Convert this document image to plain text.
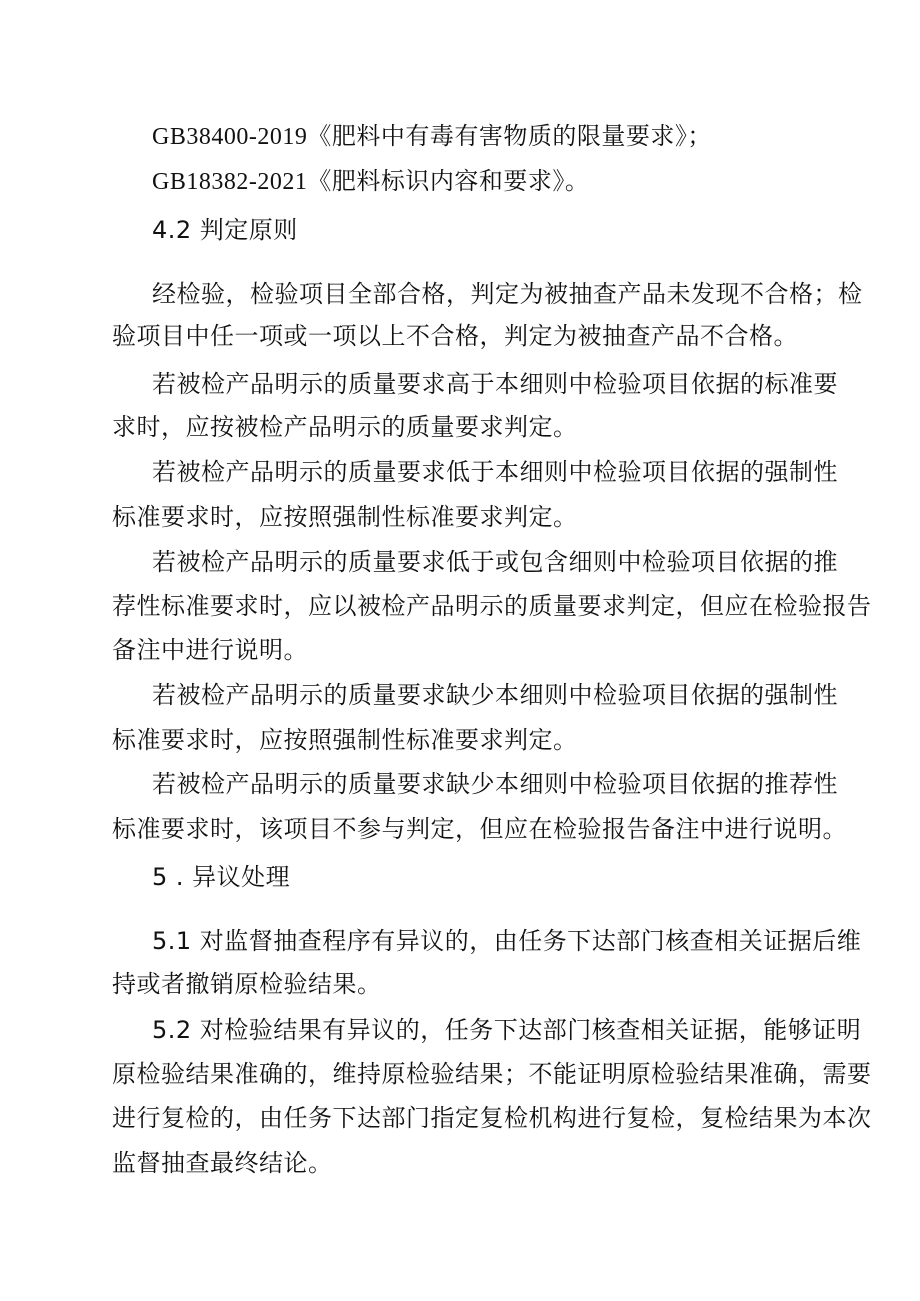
GB38400-2019《肥料中有毒有害物质的限量要求》；
GB18382-2021《肥料标识内容和要求》。
4.2 判定原则
经检验，检验项目全部合格，判定为被抽查产品未发现不合格；检
验项目中任一项或一项以上不合格，判定为被抽查产品不合格。
若被检产品明示的质量要求高于本细则中检验项目依据的标准要
求时，应按被检产品明示的质量要求判定。
若被检产品明示的质量要求低于本细则中检验项目依据的强制性
标准要求时，应按照强制性标准要求判定。
若被检产品明示的质量要求低于或包含细则中检验项目依据的推
荐性标准要求时，应以被检产品明示的质量要求判定，但应在检验报告
备注中进行说明。
若被检产品明示的质量要求缺少本细则中检验项目依据的强制性
标准要求时，应按照强制性标准要求判定。
若被检产品明示的质量要求缺少本细则中检验项目依据的推荐性
标准要求时，该项目不参与判定，但应在检验报告备注中进行说明。
5 . 异议处理
5.1 对监督抽查程序有异议的，由任务下达部门核查相关证据后维
持或者撤销原检验结果。
5.2 对检验结果有异议的，任务下达部门核查相关证据，能够证明
原检验结果准确的，维持原检验结果；不能证明原检验结果准确，需要
进行复检的，由任务下达部门指定复检机构进行复检，复检结果为本次
监督抽查最终结论。
